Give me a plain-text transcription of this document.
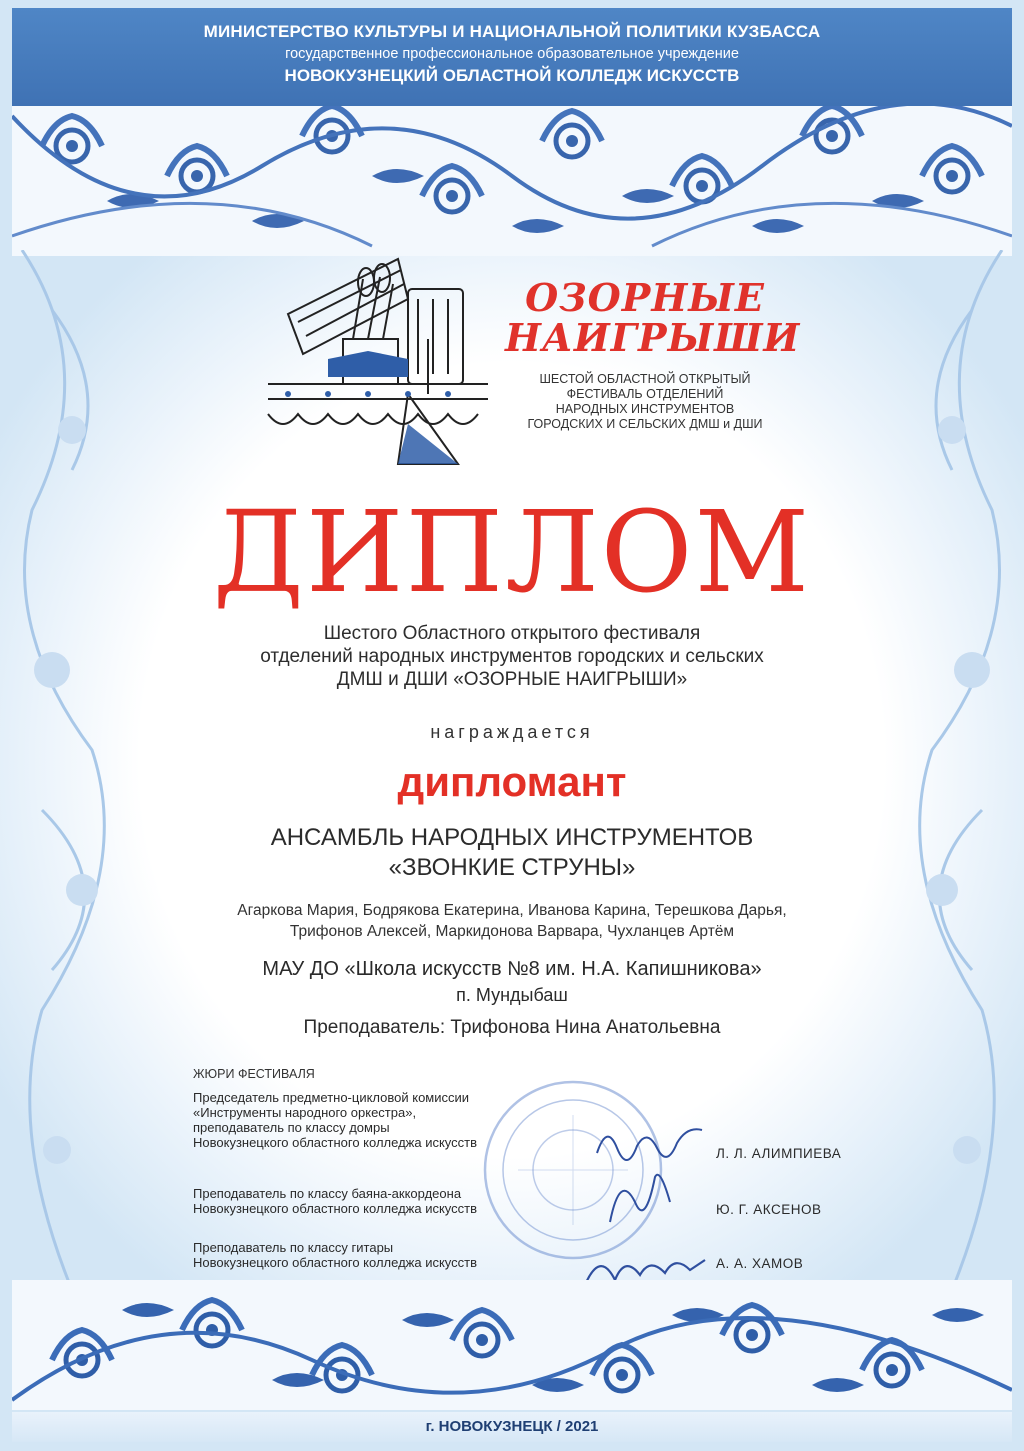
МИНИСТЕРСТВО КУЛЬТУРЫ И НАЦИОНАЛЬНОЙ ПОЛИТИКИ КУЗБАССА
государственное профессиональное образовательное учреждение
НОВОКУЗНЕЦКИЙ ОБЛАСТНОЙ КОЛЛЕДЖ ИСКУССТВ
ОЗОРНЫЕ
НАИГРЫШИ
ШЕСТОЙ ОБЛАСТНОЙ ОТКРЫТЫЙ
ФЕСТИВАЛЬ ОТДЕЛЕНИЙ
НАРОДНЫХ ИНСТРУМЕНТОВ
ГОРОДСКИХ И СЕЛЬСКИХ ДМШ и ДШИ
ДИПЛОМ
Шестого Областного открытого фестиваля
отделений народных инструментов городских и сельских
ДМШ и ДШИ «ОЗОРНЫЕ НАИГРЫШИ»
награждается
дипломант
АНСАМБЛЬ НАРОДНЫХ ИНСТРУМЕНТОВ
«ЗВОНКИЕ СТРУНЫ»
Агаркова Мария, Бодрякова Екатерина, Иванова Карина, Терешкова Дарья,
Трифонов Алексей, Маркидонова Варвара, Чухланцев Артём
МАУ ДО «Школа искусств №8 им. Н.А. Капишникова»
п. Мундыбаш
Преподаватель: Трифонова Нина Анатольевна
ЖЮРИ ФЕСТИВАЛЯ
Председатель предметно-цикловой комиссии
«Инструменты народного оркестра»,
преподаватель по классу домры
Новокузнецкого областного колледжа искусств
Л. Л. АЛИМПИЕВА
Преподаватель по классу баяна-аккордеона
Новокузнецкого областного колледжа искусств	Ю. Г. АКСЕНОВ
Преподаватель по классу гитары
Новокузнецкого областного колледжа искусств	А. А. ХАМОВ
г. НОВОКУЗНЕЦК / 2021
